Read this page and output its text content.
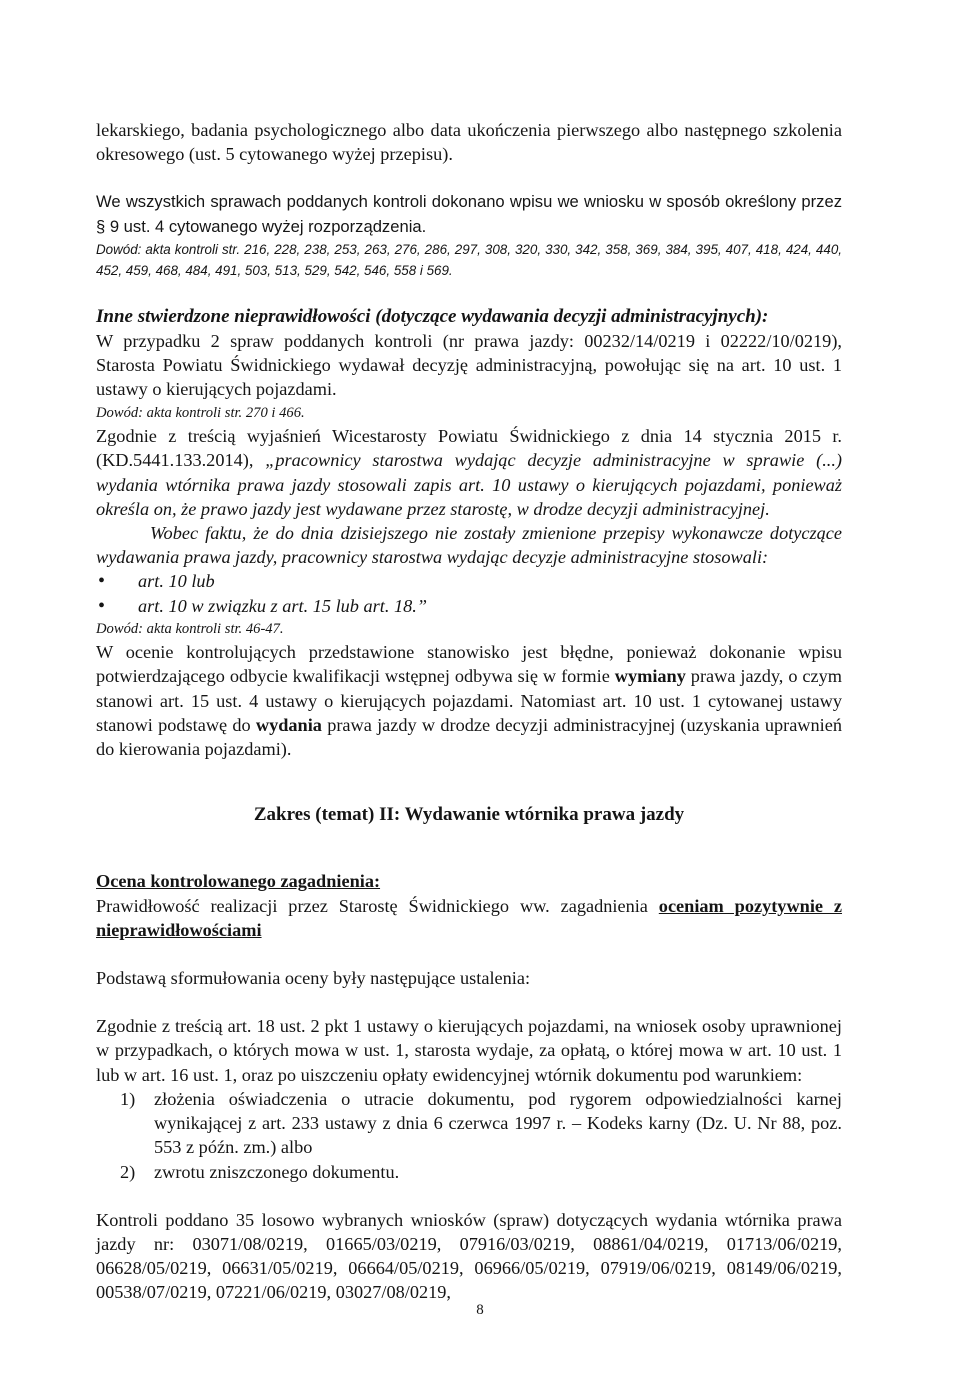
lekarskiego, badania psychologicznego albo data ukończenia pierwszego albo następnego szkolenia okresowego (ust. 5 cytowanego wyżej przepisu).

We wszystkich sprawach poddanych kontroli dokonano wpisu we wniosku w sposób określony przez § 9 ust. 4 cytowanego wyżej rozporządzenia.

Dowód: akta kontroli str. 216, 228, 238, 253, 263, 276, 286, 297, 308, 320, 330, 342, 358, 369, 384, 395, 407, 418, 424, 440, 452, 459, 468, 484, 491, 503, 513, 529, 542, 546, 558 i 569.

Inne stwierdzone nieprawidłowości (dotyczące wydawania decyzji administracyjnych):

W przypadku 2 spraw poddanych kontroli (nr prawa jazdy: 00232/14/0219 i 02222/10/0219), Starosta Powiatu Świdnickiego wydawał decyzję administracyjną, powołując się na art. 10 ust. 1 ustawy o kierujących pojazdami.

Dowód: akta kontroli str. 270 i 466.

Zgodnie z treścią wyjaśnień Wicestarosty Powiatu Świdnickiego z dnia 14 stycznia 2015 r. (KD.5441.133.2014), „pracownicy starostwa wydając decyzje administracyjne w sprawie (...) wydania wtórnika prawa jazdy stosowali zapis art. 10 ustawy o kierujących pojazdami, ponieważ określa on, że prawo jazdy jest wydawane przez starostę, w drodze decyzji administracyjnej.

Wobec faktu, że do dnia dzisiejszego nie zostały zmienione przepisy wykonawcze dotyczące wydawania prawa jazdy, pracownicy starostwa wydając decyzje administracyjne stosowali:

• art. 10 lub
• art. 10 w związku z art. 15 lub art. 18.”

Dowód: akta kontroli str. 46-47.

W ocenie kontrolujących przedstawione stanowisko jest błędne, ponieważ dokonanie wpisu potwierdzającego odbycie kwalifikacji wstępnej odbywa się w formie wymiany prawa jazdy, o czym stanowi art. 15 ust. 4 ustawy o kierujących pojazdami. Natomiast art. 10 ust. 1 cytowanej ustawy stanowi podstawę do wydania prawa jazdy w drodze decyzji administracyjnej (uzyskania uprawnień do kierowania pojazdami).

Zakres (temat) II: Wydawanie wtórnika prawa jazdy

Ocena kontrolowanego zagadnienia:

Prawidłowość realizacji przez Starostę Świdnickiego ww. zagadnienia oceniam pozytywnie z nieprawidłowościami

Podstawą sformułowania oceny były następujące ustalenia:

Zgodnie z treścią art. 18 ust. 2 pkt 1 ustawy o kierujących pojazdami, na wniosek osoby uprawnionej w przypadkach, o których mowa w ust. 1, starosta wydaje, za opłatą, o której mowa w art. 10 ust. 1 lub w art. 16 ust. 1, oraz po uiszczeniu opłaty ewidencyjnej wtórnik dokumentu pod warunkiem:

1) złożenia oświadczenia o utracie dokumentu, pod rygorem odpowiedzialności karnej wynikającej z art. 233 ustawy z dnia 6 czerwca 1997 r. – Kodeks karny (Dz. U. Nr 88, poz. 553 z późn. zm.) albo
2) zwrotu zniszczonego dokumentu.

Kontroli poddano 35 losowo wybranych wniosków (spraw) dotyczących wydania wtórnika prawa jazdy nr: 03071/08/0219, 01665/03/0219, 07916/03/0219, 08861/04/0219, 01713/06/0219, 06628/05/0219, 06631/05/0219, 06664/05/0219, 06966/05/0219, 07919/06/0219, 08149/06/0219, 00538/07/0219, 07221/06/0219, 03027/08/0219,

8
